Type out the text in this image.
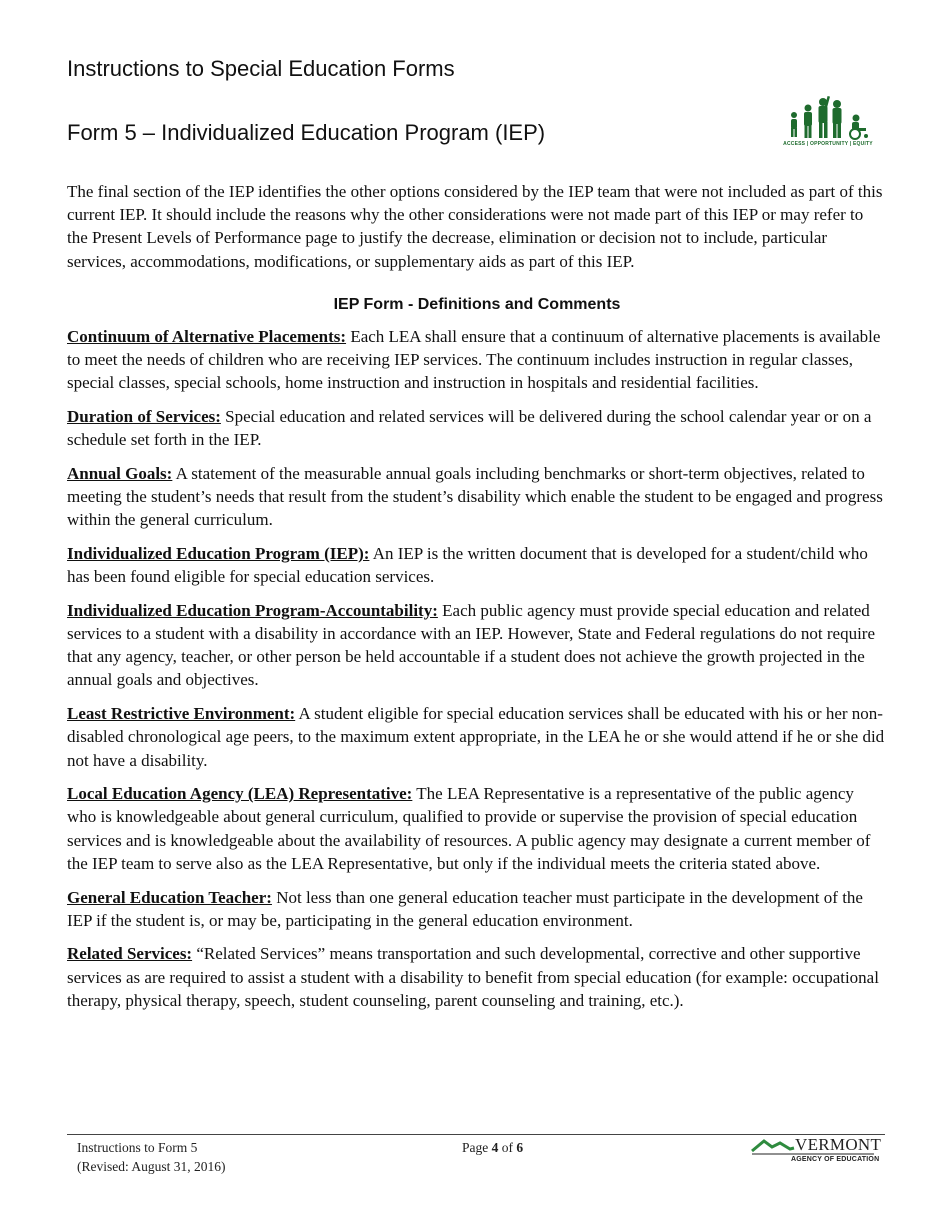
Instructions to Special Education Forms
Form 5 – Individualized Education Program (IEP)	ACCESS | OPPORTUNITY | EQUITY

The final section of the IEP identifies the other options considered by the IEP team that were not included as part of this current IEP. It should include the reasons why the other considerations were not made part of this IEP or may refer to the Present Levels of Performance page to justify the decrease, elimination or decision not to include, particular services, accommodations, modifications, or supplementary aids as part of this IEP.

IEP Form - Definitions and Comments

Continuum of Alternative Placements: Each LEA shall ensure that a continuum of alternative placements is available to meet the needs of children who are receiving IEP services. The continuum includes instruction in regular classes, special classes, special schools, home instruction and instruction in hospitals and residential facilities.

Duration of Services: Special education and related services will be delivered during the school calendar year or on a schedule set forth in the IEP.

Annual Goals: A statement of the measurable annual goals including benchmarks or short-term objectives, related to meeting the student’s needs that result from the student’s disability which enable the student to be engaged and progress within the general curriculum.

Individualized Education Program (IEP): An IEP is the written document that is developed for a student/child who has been found eligible for special education services.

Individualized Education Program-Accountability: Each public agency must provide special education and related services to a student with a disability in accordance with an IEP. However, State and Federal regulations do not require that any agency, teacher, or other person be held accountable if a student does not achieve the growth projected in the annual goals and objectives.

Least Restrictive Environment: A student eligible for special education services shall be educated with his or her non-disabled chronological age peers, to the maximum extent appropriate, in the LEA he or she would attend if he or she did not have a disability.

Local Education Agency (LEA) Representative: The LEA Representative is a representative of the public agency who is knowledgeable about general curriculum, qualified to provide or supervise the provision of special education services and is knowledgeable about the availability of resources. A public agency may designate a current member of the IEP team to serve also as the LEA Representative, but only if the individual meets the criteria stated above.

General Education Teacher: Not less than one general education teacher must participate in the development of the IEP if the student is, or may be, participating in the general education environment.

Related Services: “Related Services” means transportation and such developmental, corrective and other supportive services as are required to assist a student with a disability to benefit from special education (for example: occupational therapy, physical therapy, speech, student counseling, parent counseling and training, etc.).

Instructions to Form 5
(Revised: August 31, 2016)
Page 4 of 6	VERMONT
AGENCY OF EDUCATION
